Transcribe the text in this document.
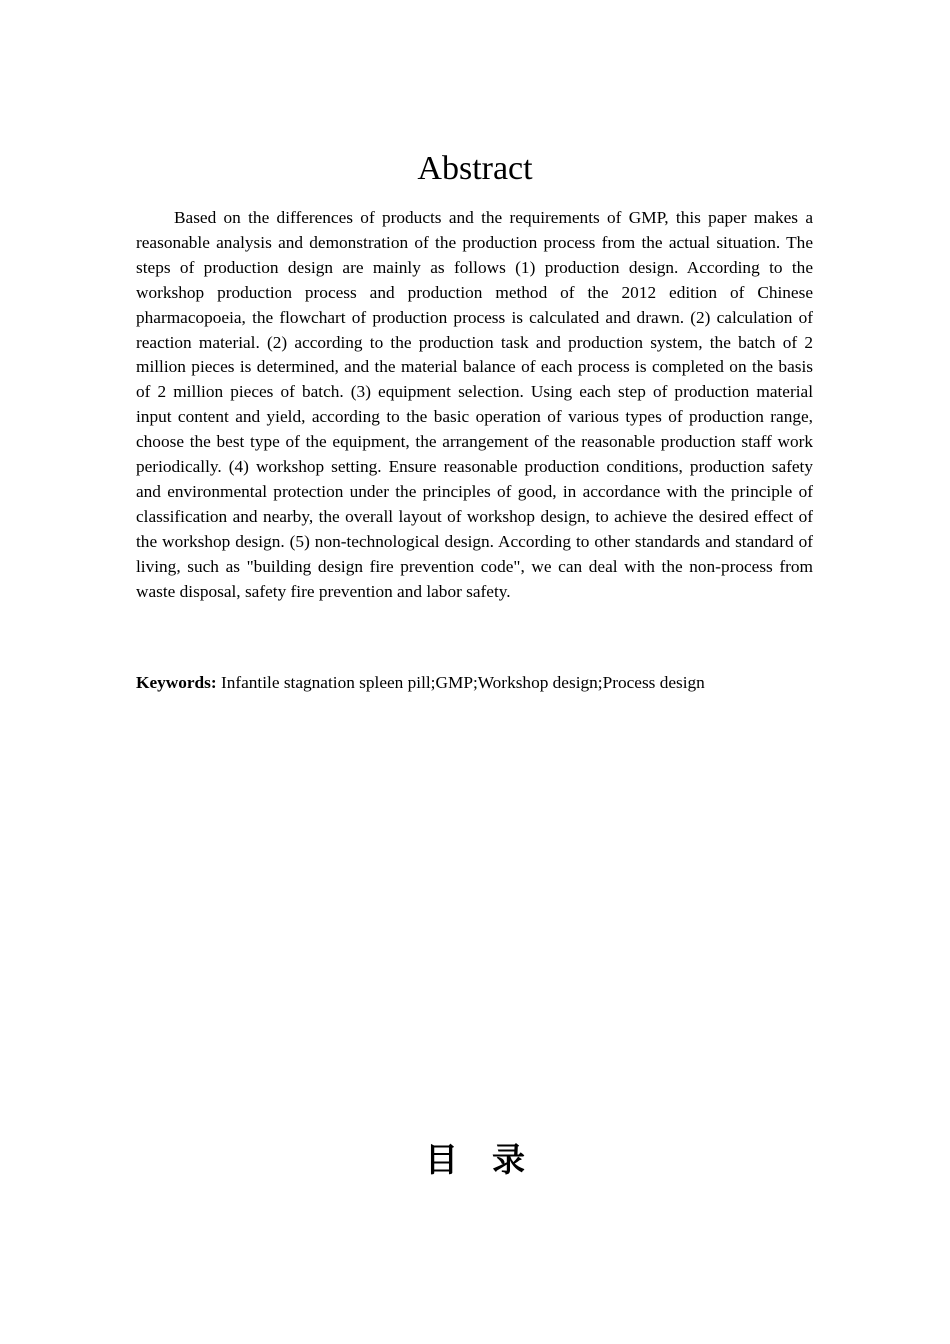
Abstract

Based on the differences of products and the requirements of GMP, this paper makes a reasonable analysis and demonstration of the production process from the actual situation. The steps of production design are mainly as follows (1) production design. According to the workshop production process and production method of the 2012 edition of Chinese pharmacopoeia, the flowchart of production process is calculated and drawn. (2) calculation of reaction material. (2) according to the production task and production system, the batch of 2 million pieces is determined, and the material balance of each process is completed on the basis of 2 million pieces of batch. (3) equipment selection. Using each step of production material input content and yield, according to the basic operation of various types of production range, choose the best type of the equipment, the arrangement of the reasonable production staff work periodically. (4) workshop setting. Ensure reasonable production conditions, production safety and environmental protection under the principles of good, in accordance with the principle of classification and nearby, the overall layout of workshop design, to achieve the desired effect of the workshop design. (5) non-technological design. According to other standards and standard of living, such as "building design fire prevention code", we can deal with the non-process from waste disposal, safety fire prevention and labor safety.

Keywords: Infantile stagnation spleen pill;GMP;Workshop design;Process design

目录
